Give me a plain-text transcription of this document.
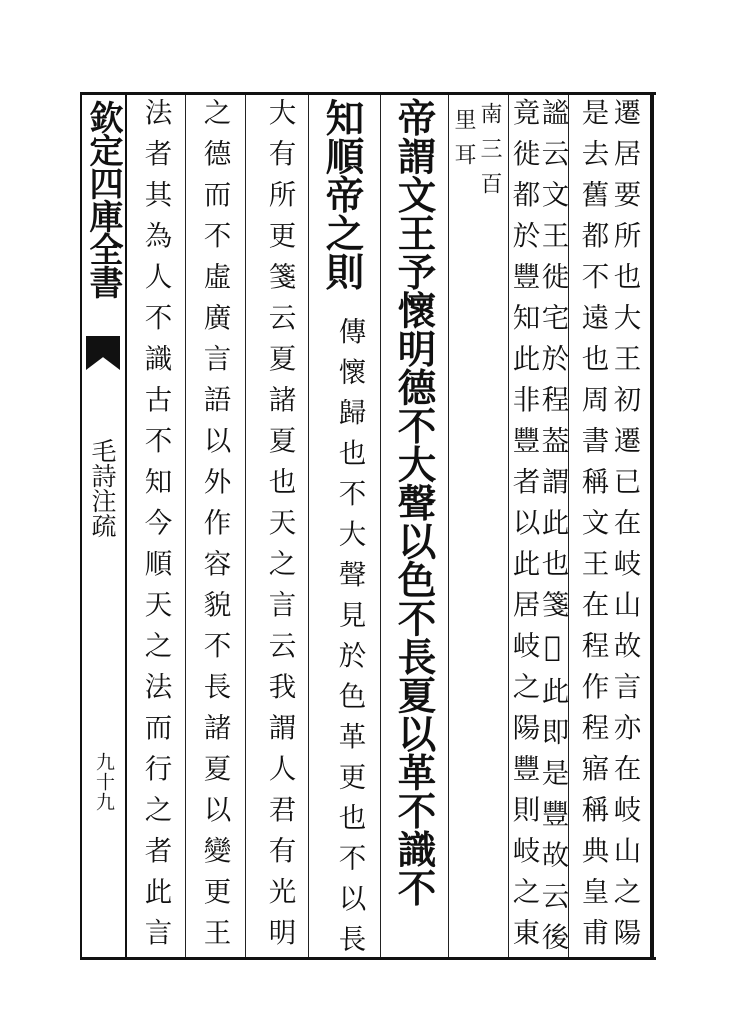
欽定四庫全書
毛詩注疏
九十九	遷居要所也大王初遷已在岐山故言亦在岐山之陽
是去舊都不遠也周書稱文王在程作程寤稱典皇甫
謐云文王徙宅於程葢謂此也箋𨺚此即是豐故云後
竟徙都於豐知此非豐者以此居岐之陽豐則岐之東
南三百
里耳
帝謂文王予懷明德不大聲以色不長夏以革不識不
知順帝之則
傳懷歸也不大聲見於色革更也不以長
大有所更箋云夏諸夏也天之言云我謂人君有光明
之德而不虛廣言語以外作容貌不長諸夏以變更王
法者其為人不識古不知今順天之法而行之者此言
